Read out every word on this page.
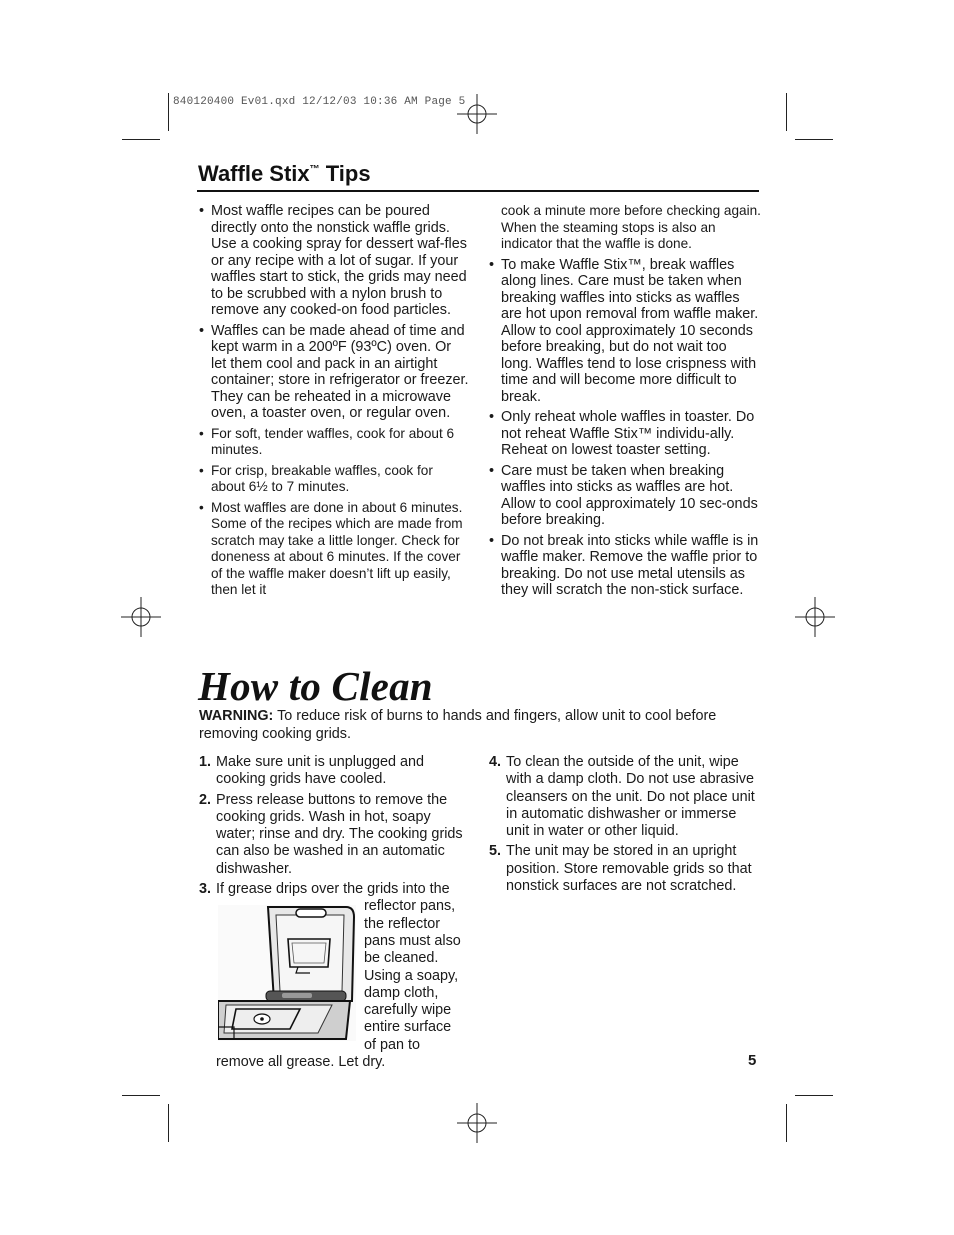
840120400 Ev01.qxd 12/12/03 10:36 AM Page 5
Waffle Stix™ Tips
• Most waffle recipes can be poured directly onto the nonstick waffle grids. Use a cooking spray for dessert waf-fles or any recipe with a lot of sugar. If your waffles start to stick, the grids may need to be scrubbed with a nylon brush to remove any cooked-on food particles.
• Waffles can be made ahead of time and kept warm in a 200ºF (93ºC) oven. Or let them cool and pack in an airtight container; store in refrigerator or freezer. They can be reheated in a microwave oven, a toaster oven, or regular oven.
• For soft, tender waffles, cook for about 6 minutes.
• For crisp, breakable waffles, cook for about 6½ to 7 minutes.
• Most waffles are done in about 6 minutes. Some of the recipes which are made from scratch may take a little longer. Check for doneness at about 6 minutes. If the cover of the waffle maker doesn’t lift up easily, then let it
cook a minute more before checking again. When the steaming stops is also an indicator that the waffle is done.
• To make Waffle Stix™, break waffles along lines. Care must be taken when breaking waffles into sticks as waffles are hot upon removal from waffle maker. Allow to cool approximately 10 seconds before breaking, but do not wait too long. Waffles tend to lose crispness with time and will become more difficult to break.
• Only reheat whole waffles in toaster. Do not reheat Waffle Stix™ individu-ally. Reheat on lowest toaster setting.
• Care must be taken when breaking waffles into sticks as waffles are hot. Allow to cool approximately 10 sec-onds before breaking.
• Do not break into sticks while waffle is in waffle maker. Remove the waffle prior to breaking. Do not use metal utensils as they will scratch the non-stick surface.
How to Clean
WARNING: To reduce risk of burns to hands and fingers, allow unit to cool before removing cooking grids.
1. Make sure unit is unplugged and cooking grids have cooled.
2. Press release buttons to remove the cooking grids. Wash in hot, soapy water; rinse and dry. The cooking grids can also be washed in an automatic dishwasher.
3. If grease drips over the grids into the
reflector pans,
the reflector
pans must also
be cleaned.
Using a soapy,
damp cloth,
carefully wipe
entire surface
of pan to
remove all grease. Let dry.
4. To clean the outside of the unit, wipe with a damp cloth. Do not use abrasive cleansers on the unit. Do not place unit in automatic dishwasher or immerse unit in water or other liquid.
5. The unit may be stored in an upright position. Store removable grids so that nonstick surfaces are not scratched.
5
